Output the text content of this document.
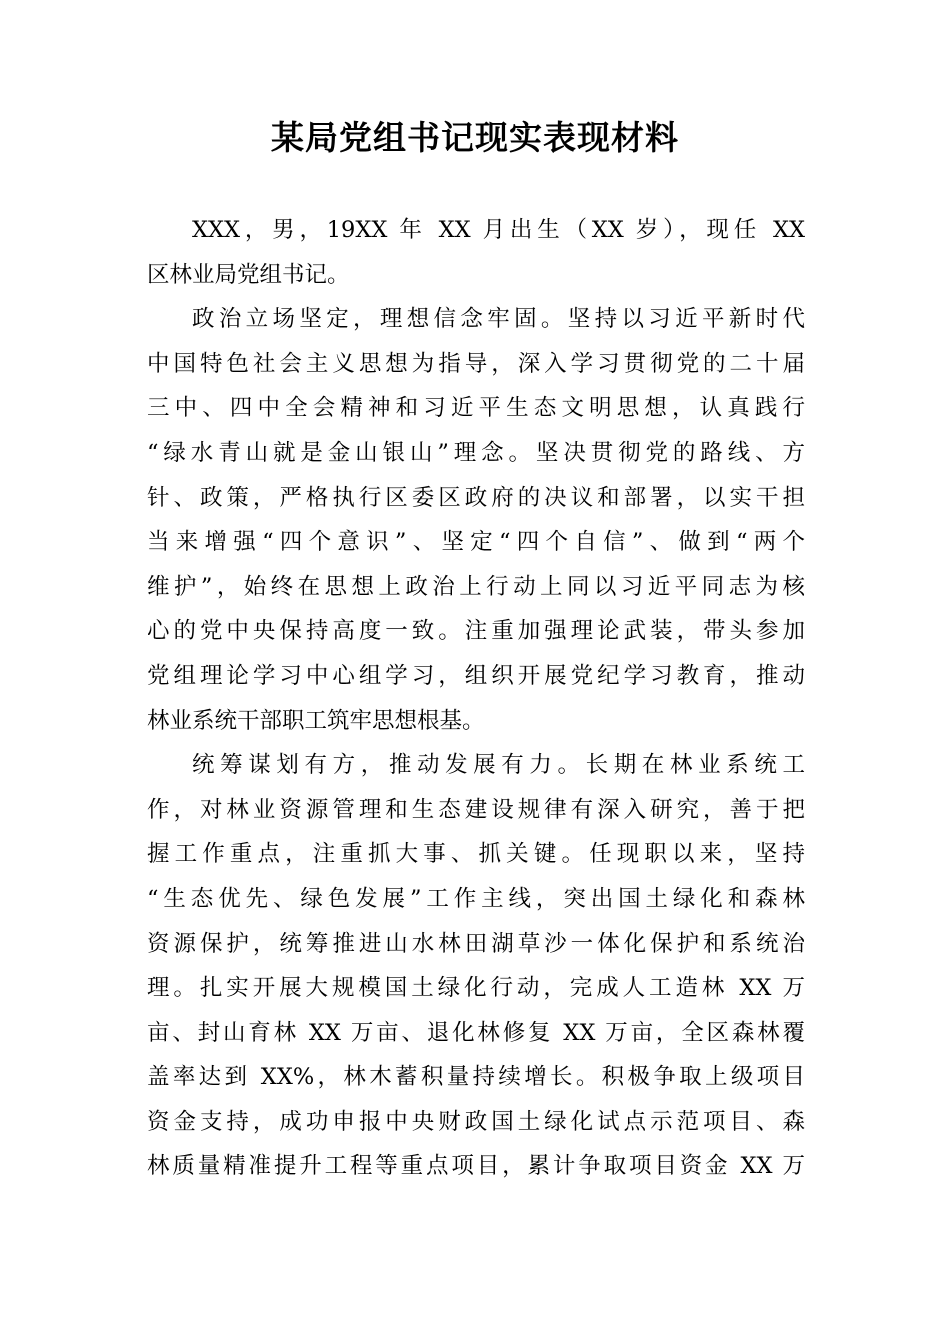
某局党组书记现实表现材料
XXX，男，19XX 年 XX 月出生（XX 岁），现任 XX
区林业局党组书记。
政治立场坚定，理想信念牢固。坚持以习近平新时代
中国特色社会主义思想为指导，深入学习贯彻党的二十届
三中、四中全会精神和习近平生态文明思想，认真践行
“绿水青山就是金山银山”理念。坚决贯彻党的路线、方
针、政策，严格执行区委区政府的决议和部署，以实干担
当来增强“四个意识”、坚定“四个自信”、做到“两个
维护”，始终在思想上政治上行动上同以习近平同志为核
心的党中央保持高度一致。注重加强理论武装，带头参加
党组理论学习中心组学习，组织开展党纪学习教育，推动
林业系统干部职工筑牢思想根基。
统筹谋划有方，推动发展有力。长期在林业系统工
作，对林业资源管理和生态建设规律有深入研究，善于把
握工作重点，注重抓大事、抓关键。任现职以来，坚持
“生态优先、绿色发展”工作主线，突出国土绿化和森林
资源保护，统筹推进山水林田湖草沙一体化保护和系统治
理。扎实开展大规模国土绿化行动，完成人工造林 XX 万
亩、封山育林 XX 万亩、退化林修复 XX 万亩，全区森林覆
盖率达到 XX%，林木蓄积量持续增长。积极争取上级项目
资金支持，成功申报中央财政国土绿化试点示范项目、森
林质量精准提升工程等重点项目，累计争取项目资金 XX 万
